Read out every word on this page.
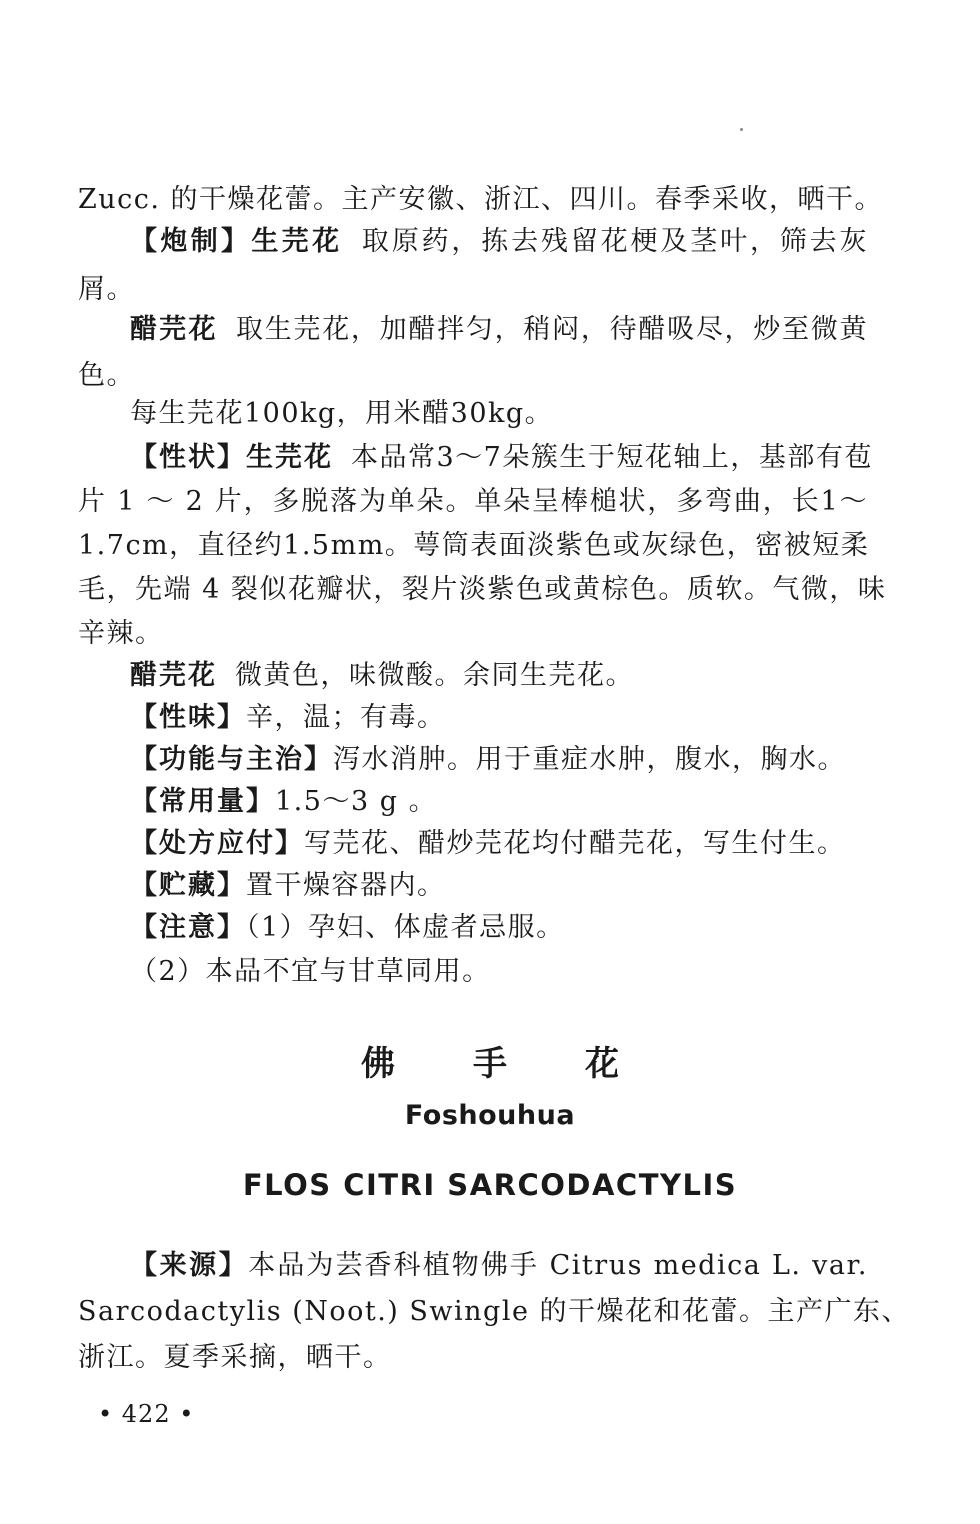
Zucc. 的干燥花蕾。主产安徽、浙江、四川。春季采收，晒干。
【炮制】生芫花 取原药，拣去残留花梗及茎叶，筛去灰
屑。
醋芫花 取生芫花，加醋拌匀，稍闷，待醋吸尽，炒至微黄
色。
每生芫花100kg，用米醋30kg。
【性状】生芫花 本品常3～7朵簇生于短花轴上，基部有苞
片 1 ～ 2 片，多脱落为单朵。单朵呈棒槌状，多弯曲，长1～
1.7cm，直径约1.5mm。萼筒表面淡紫色或灰绿色，密被短柔
毛，先端 4 裂似花瓣状，裂片淡紫色或黄棕色。质软。气微，味
辛辣。
醋芫花 微黄色，味微酸。余同生芫花。
【性味】辛，温；有毒。
【功能与主治】泻水消肿。用于重症水肿，腹水，胸水。
【常用量】1.5～3 g 。
【处方应付】写芫花、醋炒芫花均付醋芫花，写生付生。
【贮藏】置干燥容器内。
【注意】（1）孕妇、体虚者忌服。
（2）本品不宜与甘草同用。
佛手花
Foshouhua
FLOS CITRI SARCODACTYLIS
【来源】本品为芸香科植物佛手 Citrus medica L. var.
Sarcodactylis (Noot.) Swingle 的干燥花和花蕾。主产广东、
浙江。夏季采摘，晒干。
• 422 •
